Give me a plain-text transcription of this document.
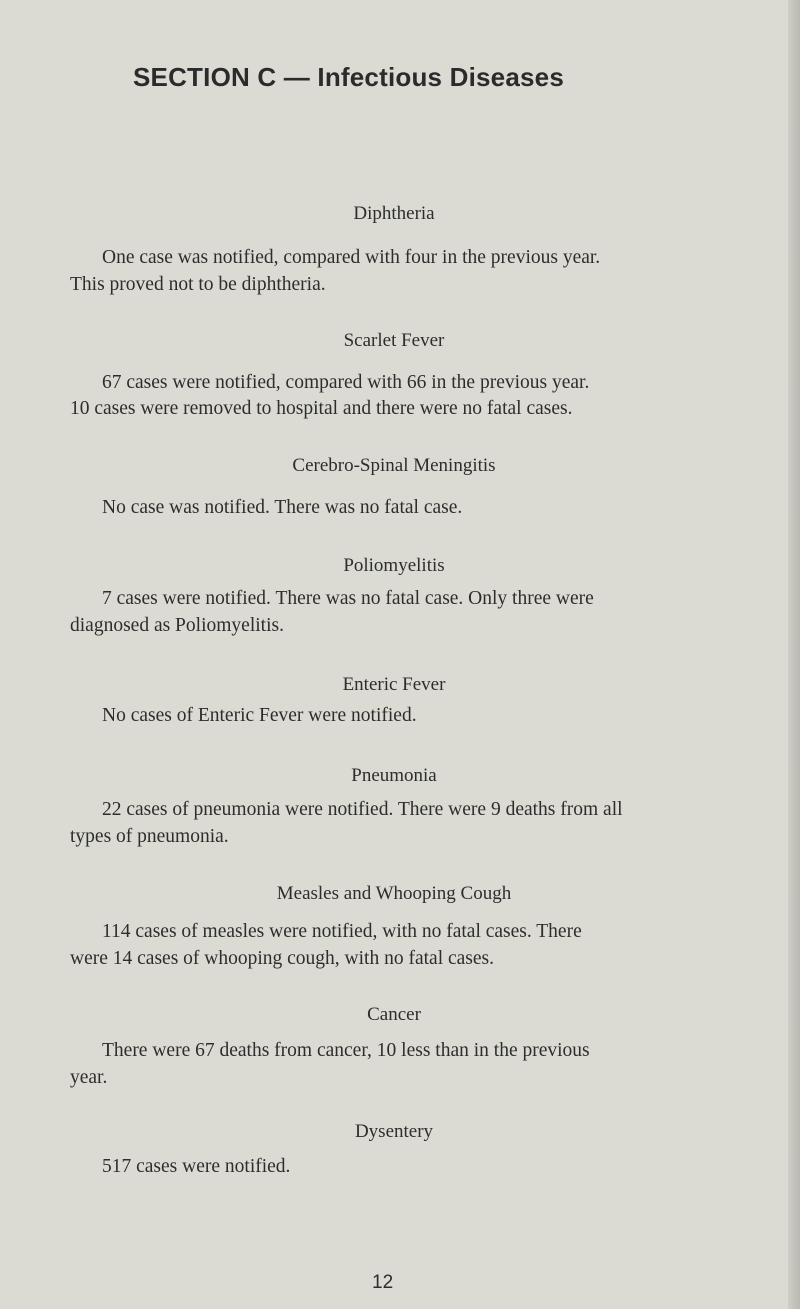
SECTION C — Infectious Diseases
Diphtheria
One case was notified, compared with four in the previous year.
This proved not to be diphtheria.
Scarlet Fever
67 cases were notified, compared with 66 in the previous year.
10 cases were removed to hospital and there were no fatal cases.
Cerebro-Spinal Meningitis
No case was notified. There was no fatal case.
Poliomyelitis
7 cases were notified. There was no fatal case. Only three were
diagnosed as Poliomyelitis.
Enteric Fever
No cases of Enteric Fever were notified.
Pneumonia
22 cases of pneumonia were notified. There were 9 deaths from all
types of pneumonia.
Measles and Whooping Cough
114 cases of measles were notified, with no fatal cases. There
were 14 cases of whooping cough, with no fatal cases.
Cancer
There were 67 deaths from cancer, 10 less than in the previous
year.
Dysentery
517 cases were notified.
12
